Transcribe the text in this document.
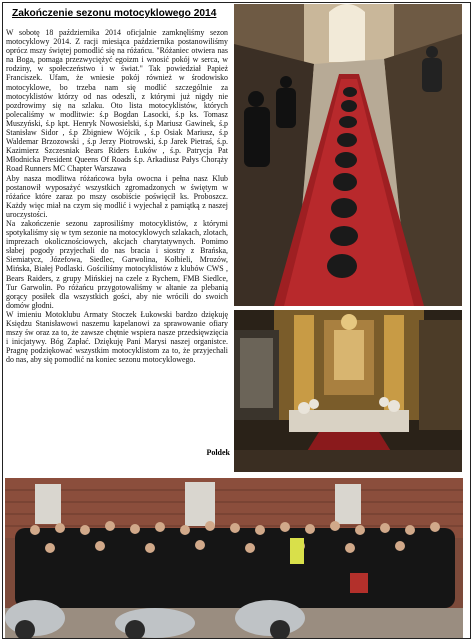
Zakończenie sezonu motocyklowego 2014

W sobotę 18 października 2014 oficjalnie zamknęliśmy sezon motocyklowy 2014. Z racji miesiąca października postanowiliśmy oprócz mszy świętej pomodlić się na różańcu. "Różaniec otwiera nas na Boga, pomaga przezwyciężyć egoizm i wnosić pokój w serca, w rodziny, w społeczeństwo i w świat." Tak powiedział Papież Franciszek. Ufam, że wniesie pokój również w środowisko motocyklowe, bo trzeba nam się modlić szczególnie za motocyklistów którzy od nas odeszli, z którymi już nigdy nie pozdrowimy się na szlaku. Oto lista motocyklistów, których polecaliśmy w modlitwie: ś.p Bogdan Lasocki, ś.p ks. Tomasz Muszyński, ś.p kpt. Henryk Nowosielski, ś.p Mariusz Gawinek, ś.p Stanisław Sidor , ś.p Zbigniew Wójcik , ś.p Osiak Mariusz, ś.p Waldemar Brzozowski , ś.p Jerzy Piotrowski, ś.p Jarek Pietraś, ś.p. Kazimierz Szczesniak Bears Riders Łuków , ś.p. Patrycja Pat Młodnicka President Queens Of Roads ś.p. Arkadiusz Pałys Chorąży Road Runners MC Chapter Warszawa

Aby nasza modlitwa różańcowa była owocna i pełna nasz Klub postanowił wyposażyć wszystkich zgromadzonych w świętym w różańce które zaraz po mszy osobiście poświęcił ks. Proboszcz. Każdy więc miał na czym się modlić i wyjechał z pamiątką z naszej uroczystości.

Na zakończenie sezonu zaprosiliśmy motocyklistów, z którymi spotykaliśmy się w tym sezonie na motocyklowych szlakach, zlotach, imprezach okolicznościowych, akcjach charytatywnych. Pomimo słabej pogody przyjechali do nas bracia i siostry z Brańska, Siemiatycz, Józefowa, Siedlec, Garwolina, Kołbieli, Mrozów, Mińska, Białej Podlaski. Gościliśmy motocyklistów z klubów CWS , Bears Raiders, z grupy Mińskiej na czele z Rychem, FMB Siedlce, Tur Garwolin. Po różańcu przygotowaliśmy w altanie za plebanią gorący posiłek dla wszystkich gości, aby nie wrócili do swoich domów głodni.

W imieniu Motoklubu Armaty Stoczek Łukowski bardzo dziękuję Księdzu Stanisławowi naszemu kapelanowi za sprawowanie ofiary mszy św oraz za to, że zawsze chętnie wspiera nasze przedsięwzięcia i inicjatywy. Bóg Zapłać. Dziękuję Pani Marysi naszej organistce. Pragnę podziękować wszystkim motocyklistom za to, że przyjechali do nas, aby się pomodlić na koniec sezonu motocyklowego.

Poldek
